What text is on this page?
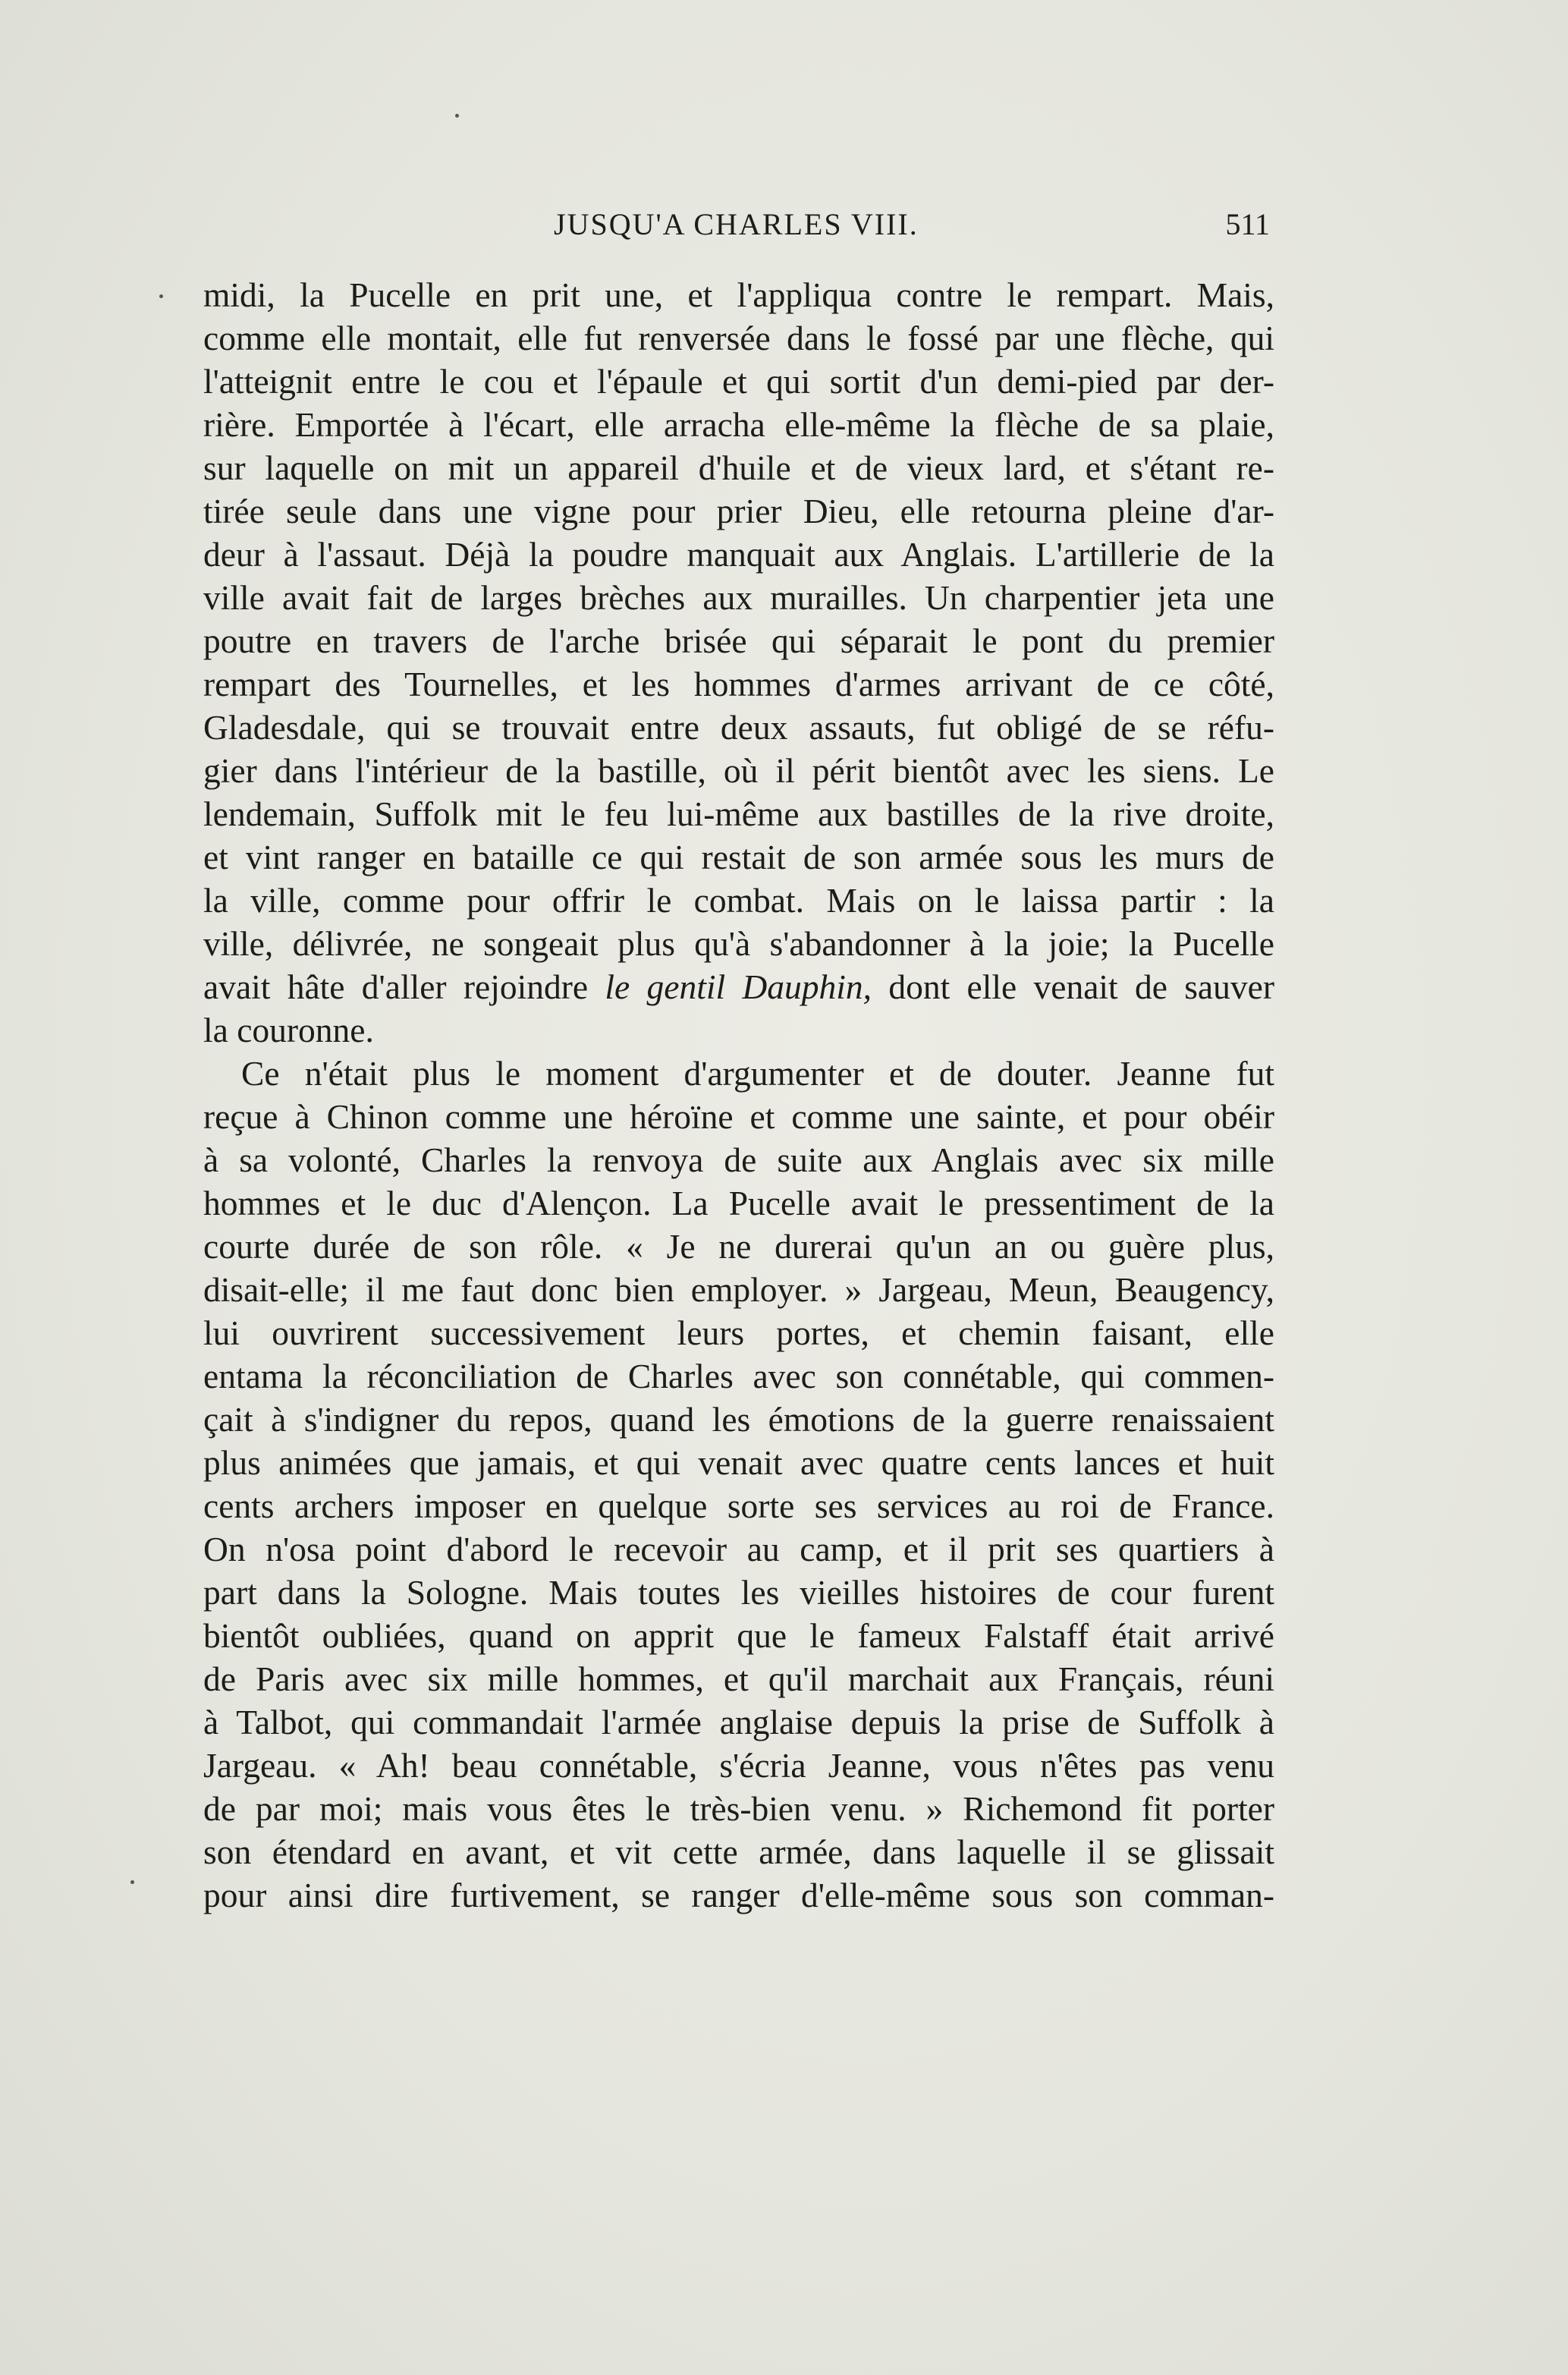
JUSQU'A CHARLES VIII.	511
midi, la Pucelle en prit une, et l'appliqua contre le rempart. Mais,
comme elle montait, elle fut renversée dans le fossé par une flèche, qui
l'atteignit entre le cou et l'épaule et qui sortit d'un demi-pied par der-
rière. Emportée à l'écart, elle arracha elle-même la flèche de sa plaie,
sur laquelle on mit un appareil d'huile et de vieux lard, et s'étant re-
tirée seule dans une vigne pour prier Dieu, elle retourna pleine d'ar-
deur à l'assaut. Déjà la poudre manquait aux Anglais. L'artillerie de la
ville avait fait de larges brèches aux murailles. Un charpentier jeta une
poutre en travers de l'arche brisée qui séparait le pont du premier
rempart des Tournelles, et les hommes d'armes arrivant de ce côté,
Gladesdale, qui se trouvait entre deux assauts, fut obligé de se réfu-
gier dans l'intérieur de la bastille, où il périt bientôt avec les siens. Le
lendemain, Suffolk mit le feu lui-même aux bastilles de la rive droite,
et vint ranger en bataille ce qui restait de son armée sous les murs de
la ville, comme pour offrir le combat. Mais on le laissa partir : la
ville, délivrée, ne songeait plus qu'à s'abandonner à la joie; la Pucelle
avait hâte d'aller rejoindre le gentil Dauphin, dont elle venait de sauver
la couronne.
Ce n'était plus le moment d'argumenter et de douter. Jeanne fut
reçue à Chinon comme une héroïne et comme une sainte, et pour obéir
à sa volonté, Charles la renvoya de suite aux Anglais avec six mille
hommes et le duc d'Alençon. La Pucelle avait le pressentiment de la
courte durée de son rôle. « Je ne durerai qu'un an ou guère plus,
disait-elle; il me faut donc bien employer. » Jargeau, Meun, Beaugency,
lui ouvrirent successivement leurs portes, et chemin faisant, elle
entama la réconciliation de Charles avec son connétable, qui commen-
çait à s'indigner du repos, quand les émotions de la guerre renaissaient
plus animées que jamais, et qui venait avec quatre cents lances et huit
cents archers imposer en quelque sorte ses services au roi de France.
On n'osa point d'abord le recevoir au camp, et il prit ses quartiers à
part dans la Sologne. Mais toutes les vieilles histoires de cour furent
bientôt oubliées, quand on apprit que le fameux Falstaff était arrivé
de Paris avec six mille hommes, et qu'il marchait aux Français, réuni
à Talbot, qui commandait l'armée anglaise depuis la prise de Suffolk à
Jargeau. « Ah! beau connétable, s'écria Jeanne, vous n'êtes pas venu
de par moi; mais vous êtes le très-bien venu. » Richemond fit porter
son étendard en avant, et vit cette armée, dans laquelle il se glissait
pour ainsi dire furtivement, se ranger d'elle-même sous son comman-
